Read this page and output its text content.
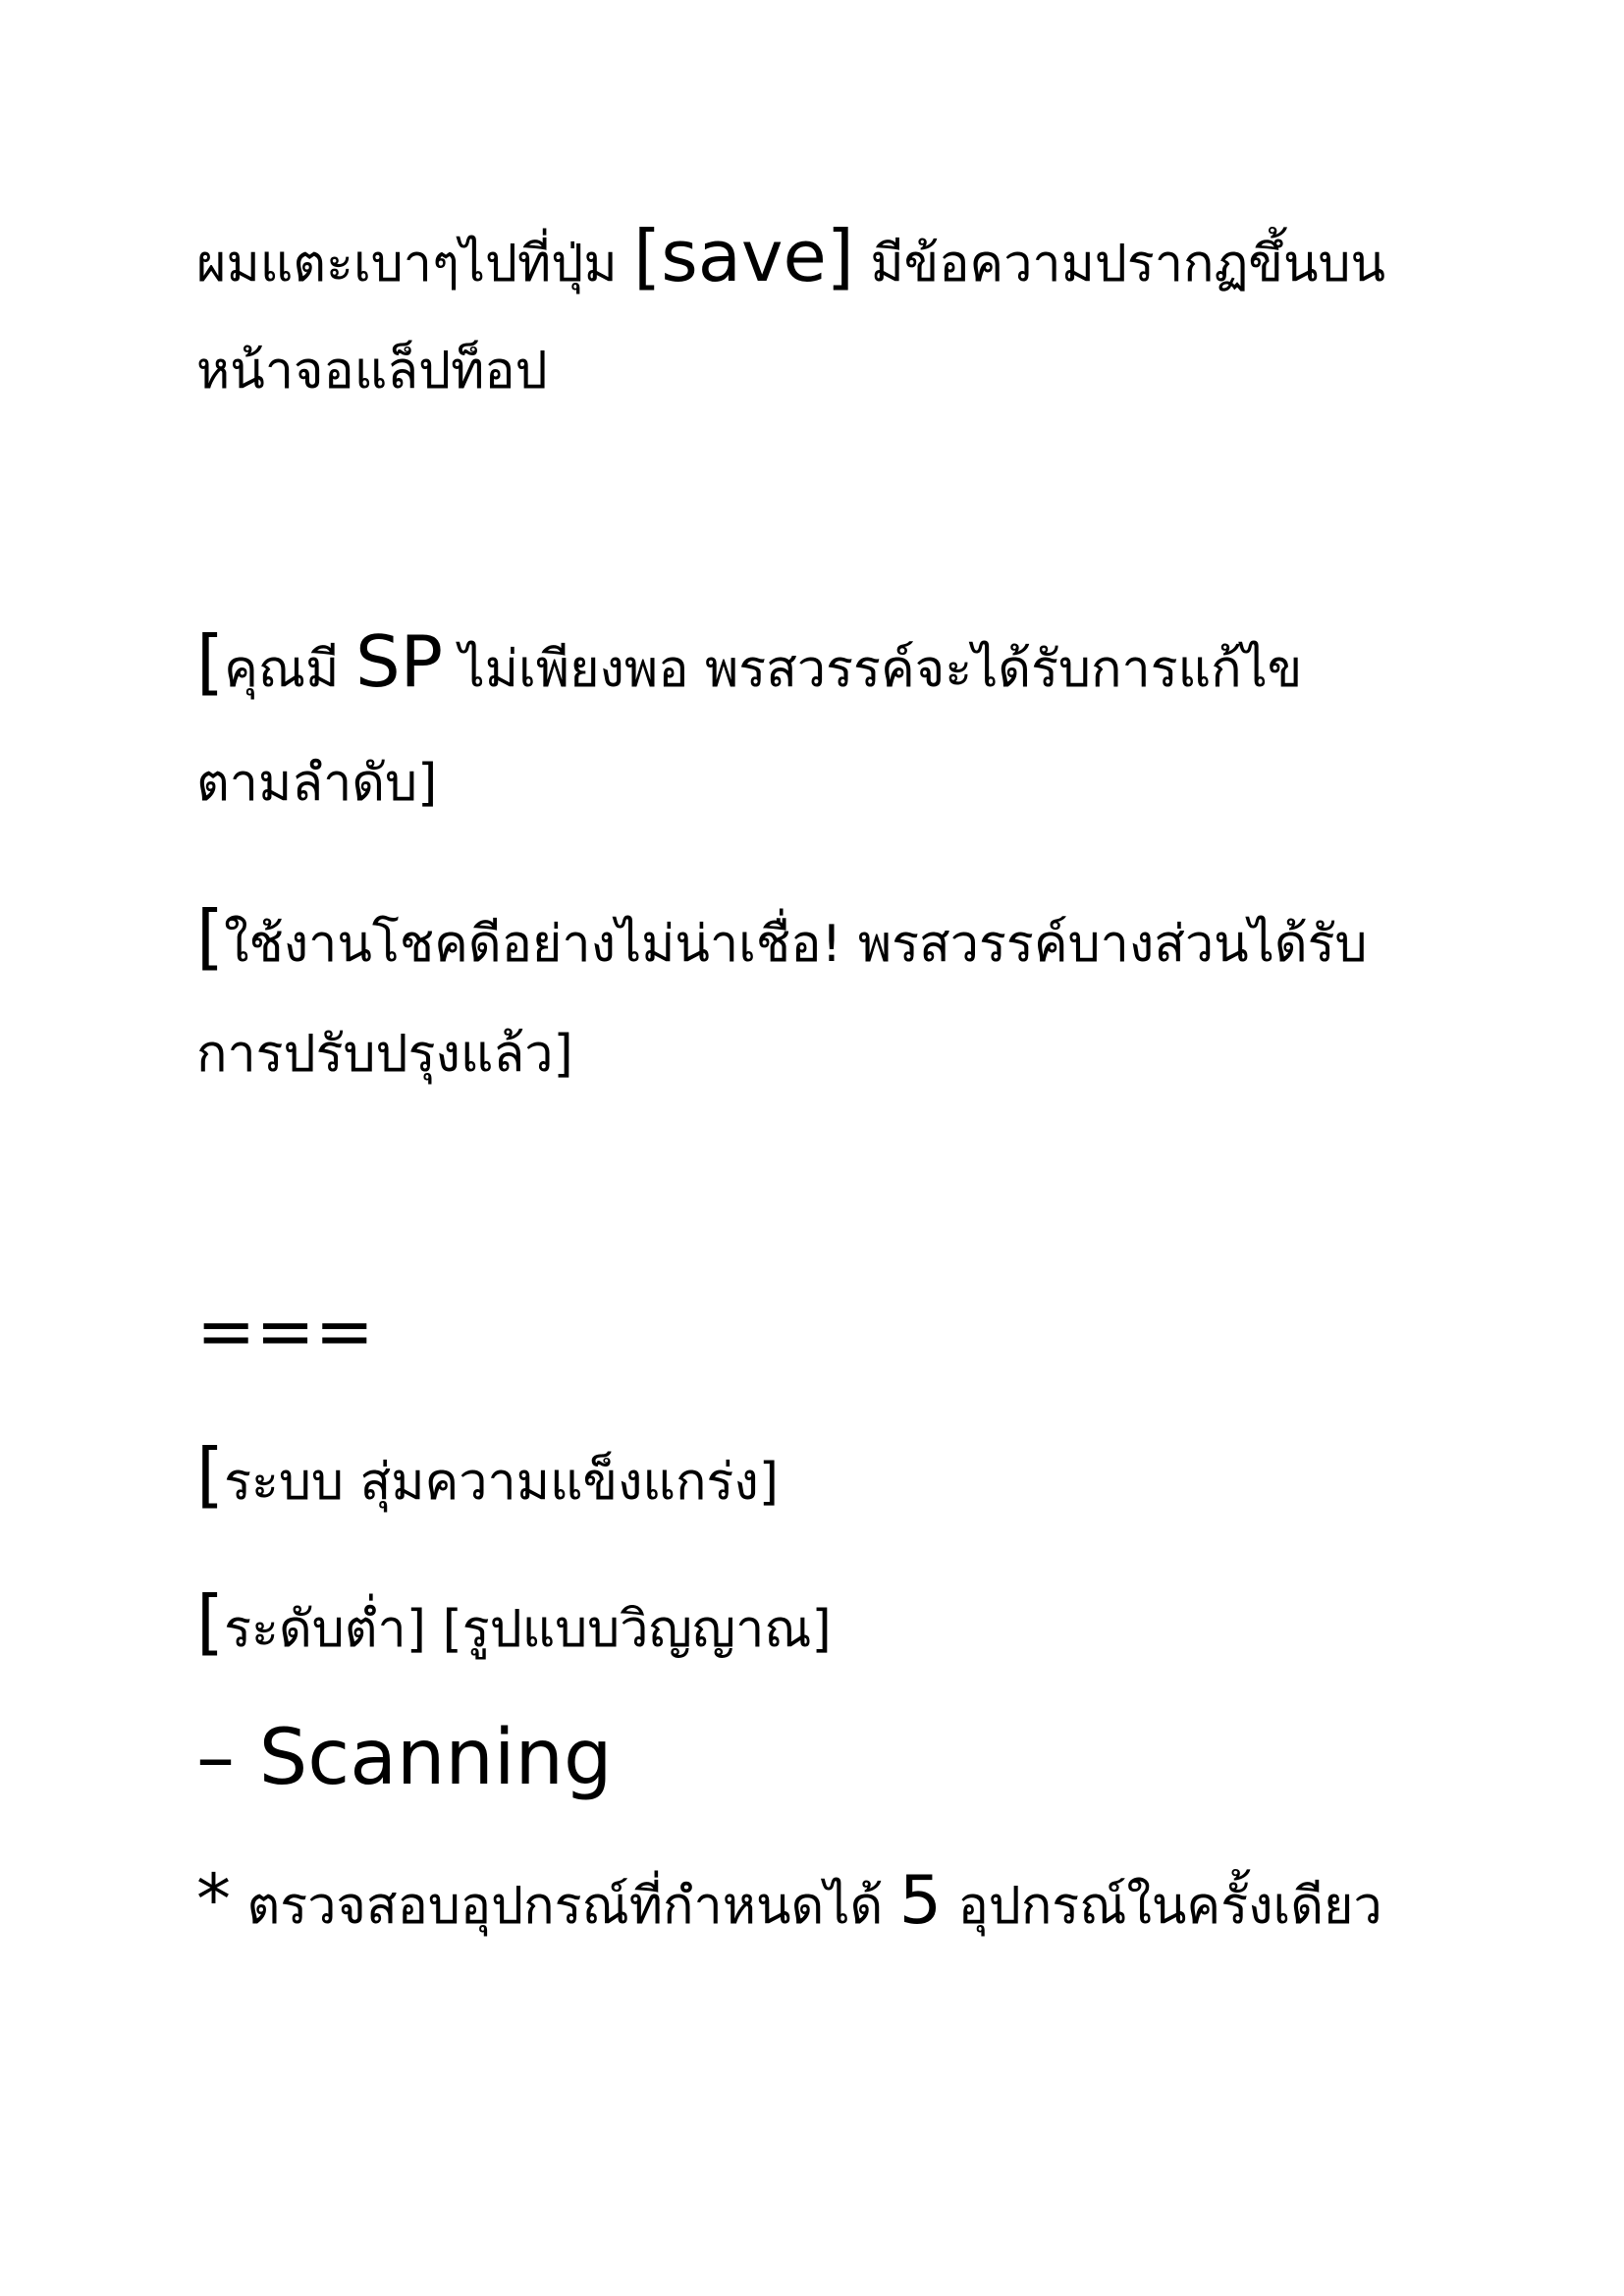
ผมแตะเบาๆไปที่ปุ่ม [save] มีข้อความปรากฏขึ้นบน
หน้าจอแล็ปท็อป
[คุณมี SP ไม่เพียงพอ พรสวรรค์จะได้รับการแก้ไข
ตามลำดับ]
[ใช้งานโชคดีอย่างไม่น่าเชื่อ! พรสวรรค์บางส่วนได้รับ
การปรับปรุงแล้ว]
===
[ระบบ สุ่มความแข็งแกร่ง]
[ระดับต่ำ] [รูปแบบวิญญาณ]
– Scanning
* ตรวจสอบอุปกรณ์ที่กำหนดได้ 5 อุปกรณ์ในครั้งเดียว
